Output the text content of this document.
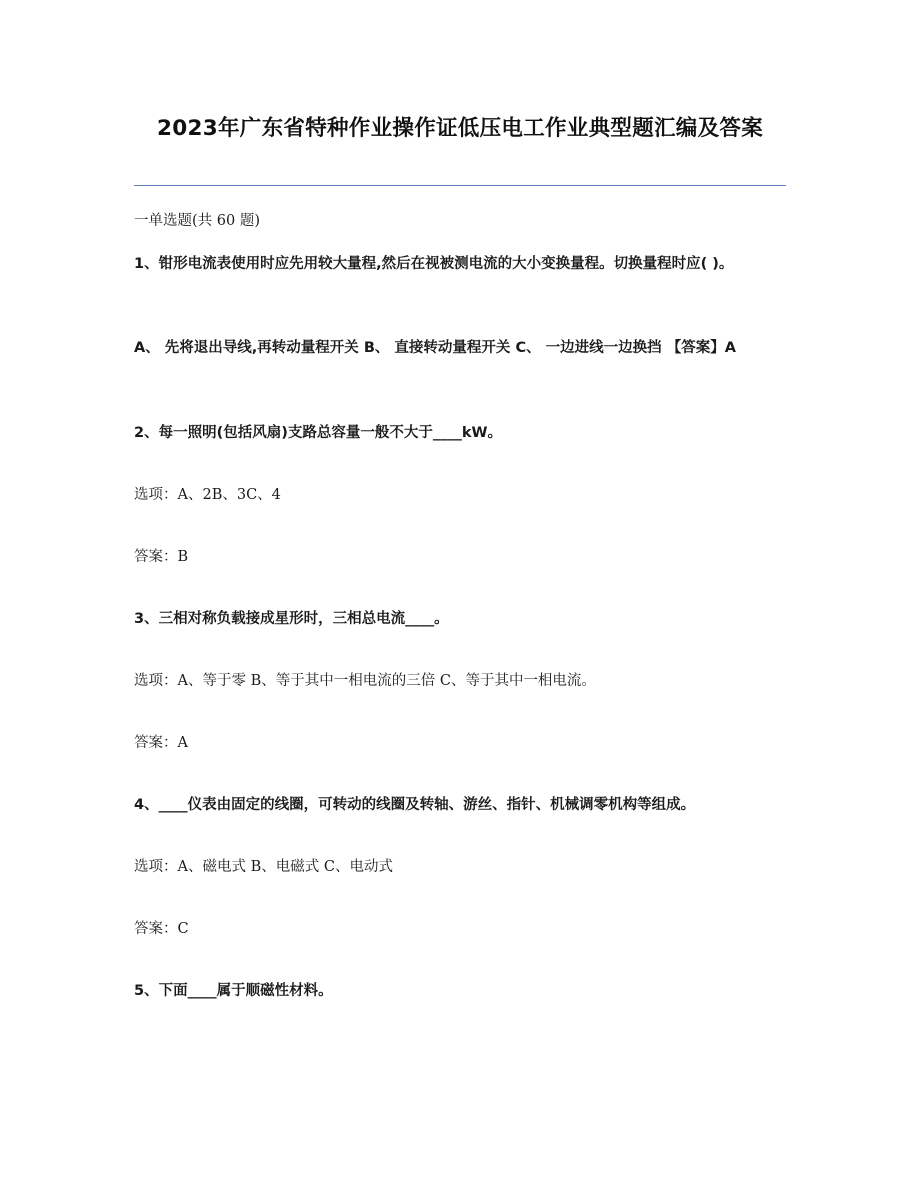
2023年广东省特种作业操作证低压电工作业典型题汇编及答案

一单选题(共 60 题)

1、钳形电流表使用时应先用较大量程,然后在视被测电流的大小变换量程。切换量程时应( )。

A、 先将退出导线,再转动量程开关 B、 直接转动量程开关 C、 一边进线一边换挡 【答案】A

2、每一照明(包括风扇)支路总容量一般不大于____kW。

选项：A、2B、3C、4

答案：B

3、三相对称负载接成星形时，三相总电流____。

选项：A、等于零 B、等于其中一相电流的三倍 C、等于其中一相电流。

答案：A

4、____仪表由固定的线圈，可转动的线圈及转轴、游丝、指针、机械调零机构等组成。

选项：A、磁电式 B、电磁式 C、电动式

答案：C

5、下面____属于顺磁性材料。
